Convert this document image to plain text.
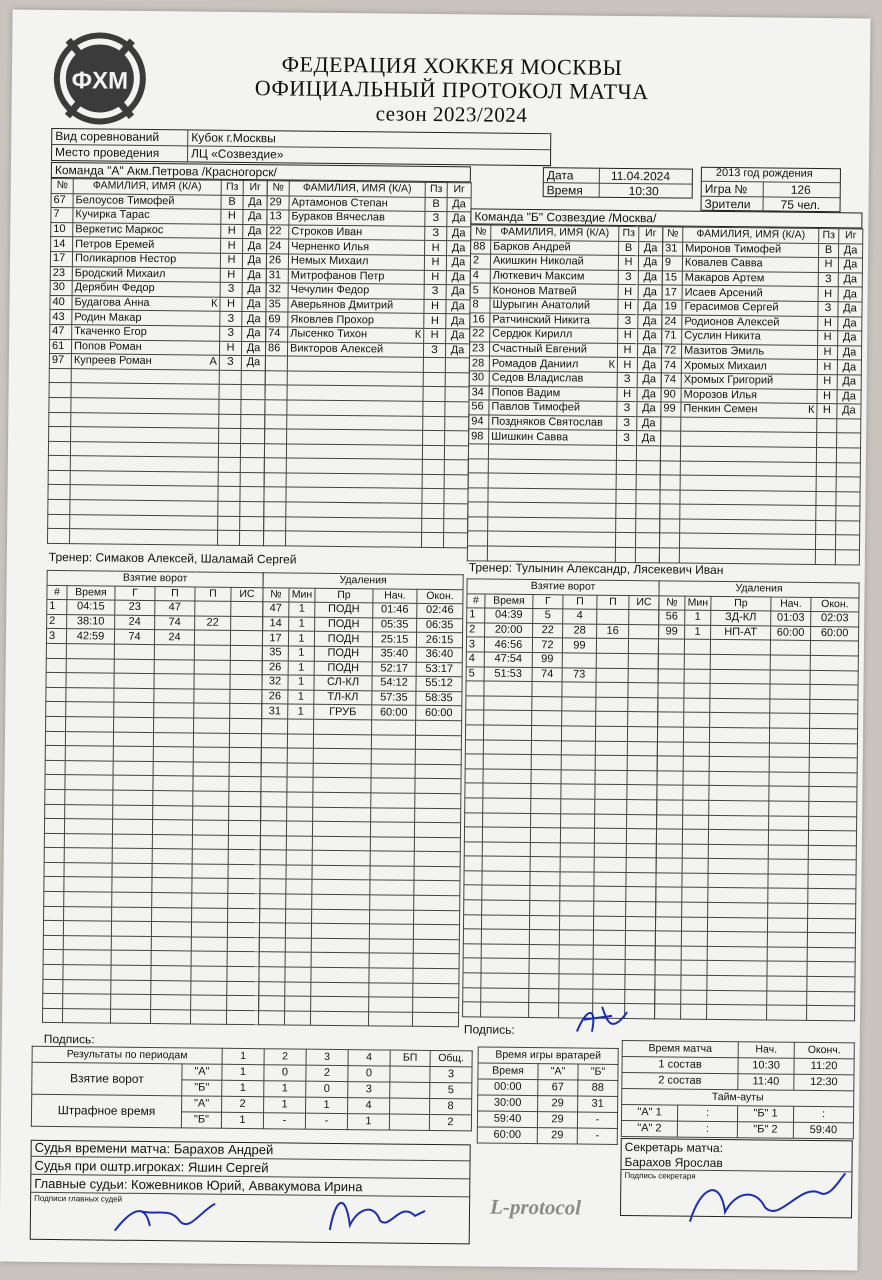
ФХМ
ФЕДЕРАЦИЯ ХОККЕЯ МОСКВЫ
ОФИЦИАЛЬНЫЙ ПРОТОКОЛ МАТЧА
сезон 2023/2024
Вид соревнований	Кубок г.Москвы
Место проведения	ЛЦ «Созвездие»
Дата	11.04.2024
Время	10:30
2013 год рождения
Игра №	126
Зрители 75 чел.
Команда "А" Акм.Петрова /Красногорск/
№	ФАМИЛИЯ, ИМЯ (К/А)	Пз	Иг
67	Белоусов Тимофей	В	Да
7	Кучирка Тарас	Н	Да
10	Веркетис Маркос	Н	Да
14	Петров Еремей	Н	Да
17	Поликарпов Нестор	Н	Да
23	Бродский Михаил	Н	Да
30	Дерябин Федор	З	Да
40	Будагова Анна К	Н	Да
43	Родин Макар	З	Да
47	Ткаченко Егор	З	Да
61	Попов Роман	Н	Да
97	Купреев Роман А	З	Да

№	ФАМИЛИЯ, ИМЯ (К/А)	Пз	Иг
29	Артамонов Степан	В	Да
13	Бураков Вячеслав	З	Да
22	Строков Иван	З	Да
24	Черненко Илья	Н	Да
26	Немых Михаил	Н	Да
31	Митрофанов Петр	Н	Да
32	Чечулин Федор	З	Да
35	Аверьянов Дмитрий	Н	Да
69	Яковлев Прохор	Н	Да
74	Лысенко Тихон К	Н	Да
86	Викторов Алексей	З	Да

Команда "Б" Созвездие /Москва/
№	ФАМИЛИЯ, ИМЯ (К/А)	Пз	Иг
88	Барков Андрей	В	Да
2	Акишкин Николай	Н	Да
4	Люткевич Максим	З	Да
5	Кононов Матвей	Н	Да
8	Шурыгин Анатолий	Н	Да
16	Ратчинский Никита	З	Да
22	Сердюк Кирилл	Н	Да
23	Счастный Евгений	Н	Да
28	Ромадов Даниил К	Н	Да
30	Седов Владислав	З	Да
34	Попов Вадим	Н	Да
56	Павлов Тимофей	З	Да
94	Поздняков Святослав	З	Да
98	Шишкин Савва	З	Да

№	ФАМИЛИЯ, ИМЯ (К/А)	Пз	Иг
31	Миронов Тимофей	В	Да
9	Ковалев Савва	Н	Да
15	Макаров Артем	З	Да
17	Исаев Арсений	Н	Да
19	Герасимов Сергей	З	Да
24	Родионов Алексей	Н	Да
71	Суслин Никита	Н	Да
72	Мазитов Эмиль	Н	Да
74	Хромых Михаил	Н	Да
74	Хромых Григорий	Н	Да
90	Морозов Илья	Н	Да
99	Пенкин Семен К	Н	Да

Тренер: Симаков Алексей, Шаламай Сергей
Тренер: Тулынин Александр, Лясекевич Иван
Взятие ворот					
#	Время	Г	П	П	ИС
1	04:15	23	47		
2	38:10	24	74	22	
3	42:59	74	24		

Удаления				
№	Мин	Пр	Нач.	Окон.
47	1	ПОДН	01:46	02:46
14	1	ПОДН	05:35	06:35
17	1	ПОДН	25:15	26:15
35	1	ПОДН	35:40	36:40
26	1	ПОДН	52:17	53:17
32	1	СЛ-КЛ	54:12	55:12
26	1	ТЛ-КЛ	57:35	58:35
31	1	ГРУБ	60:00	60:00

Взятие ворот					
#	Время	Г	П	П	ИС
1	04:39	5	4		
2	20:00	22	28	16	
3	46:56	72	99		
4	47:54	99			
5	51:53	74	73		

Удаления				
№	Мин	Пр	Нач.	Окон.
56	1	ЗД-КЛ	01:03	02:03
99	1	НП-АТ	60:00	60:00

Подпись:
Подпись:
Результаты по периодам		1	2	3	4	БП	Общ.
Взятие ворот	"А"	1	0	2	0		3
	"Б"	1	1	0	3		5
Штрафное время	"А"	2	1	1	4		8
	"Б"	1	-	-	1		2
Время игры вратарей		
Время	"А"	"Б"
00:00	67	88
30:00	29	31
59:40	29	-
60:00	29	-
Время матча		Нач.	Оконч.
1 состав		10:30	11:20
2 состав		11:40	12:30
Тайм-ауты			
"А" 1	:	"Б" 1	:
"А" 2	:	"Б" 2	59:40
Судья времени матча: Барахов Андрей
Судья при оштр.игроках: Яшин Сергей
Главные судьи: Кожевников Юрий, Аввакумова Ирина
Подписи главных судей
Секретарь матча:
Барахов Ярослав
Подпись секретаря
L-protocol
